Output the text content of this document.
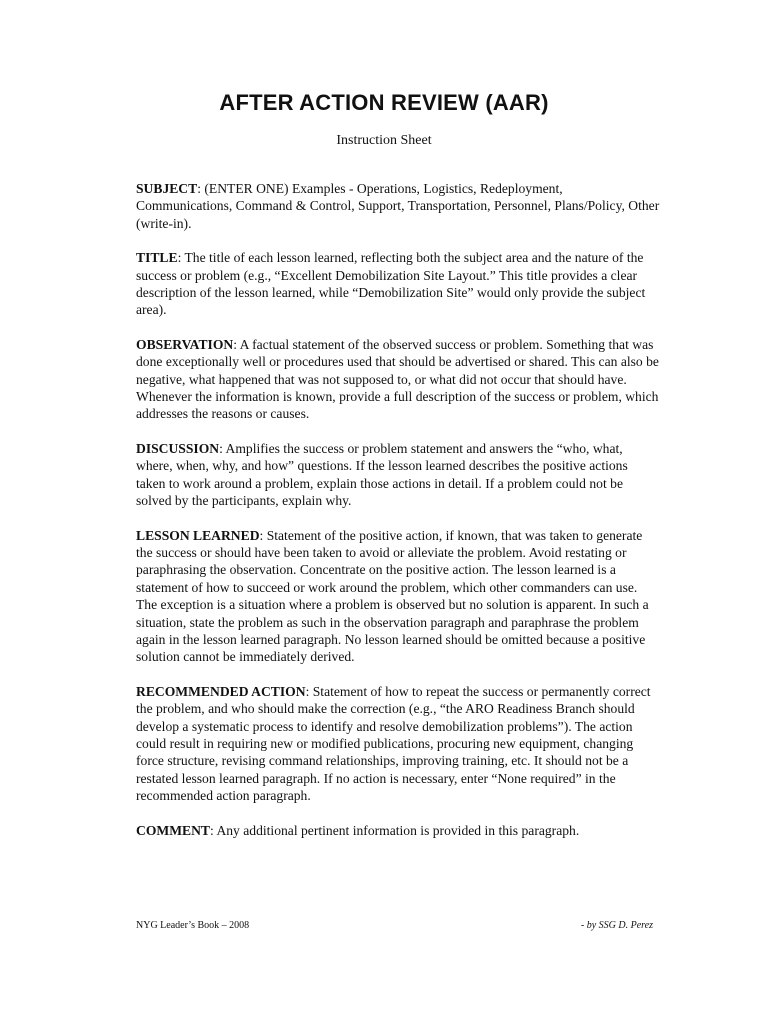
AFTER ACTION REVIEW (AAR)
Instruction Sheet

SUBJECT: (ENTER ONE) Examples - Operations, Logistics, Redeployment, Communications, Command & Control, Support, Transportation, Personnel, Plans/Policy, Other (write-in).

TITLE: The title of each lesson learned, reflecting both the subject area and the nature of the success or problem (e.g., “Excellent Demobilization Site Layout.” This title provides a clear description of the lesson learned, while “Demobilization Site” would only provide the subject area).

OBSERVATION: A factual statement of the observed success or problem. Something that was done exceptionally well or procedures used that should be advertised or shared. This can also be negative, what happened that was not supposed to, or what did not occur that should have. Whenever the information is known, provide a full description of the success or problem, which addresses the reasons or causes.

DISCUSSION: Amplifies the success or problem statement and answers the “who, what, where, when, why, and how” questions. If the lesson learned describes the positive actions taken to work around a problem, explain those actions in detail. If a problem could not be solved by the participants, explain why.

LESSON LEARNED: Statement of the positive action, if known, that was taken to generate the success or should have been taken to avoid or alleviate the problem. Avoid restating or paraphrasing the observation. Concentrate on the positive action. The lesson learned is a statement of how to succeed or work around the problem, which other commanders can use. The exception is a situation where a problem is observed but no solution is apparent. In such a situation, state the problem as such in the observation paragraph and paraphrase the problem again in the lesson learned paragraph. No lesson learned should be omitted because a positive solution cannot be immediately derived.

RECOMMENDED ACTION: Statement of how to repeat the success or permanently correct the problem, and who should make the correction (e.g., “the ARO Readiness Branch should develop a systematic process to identify and resolve demobilization problems”). The action could result in requiring new or modified publications, procuring new equipment, changing force structure, revising command relationships, improving training, etc. It should not be a restated lesson learned paragraph. If no action is necessary, enter “None required” in the recommended action paragraph.

COMMENT: Any additional pertinent information is provided in this paragraph.

NYG Leader’s Book – 2008	- by SSG D. Perez
